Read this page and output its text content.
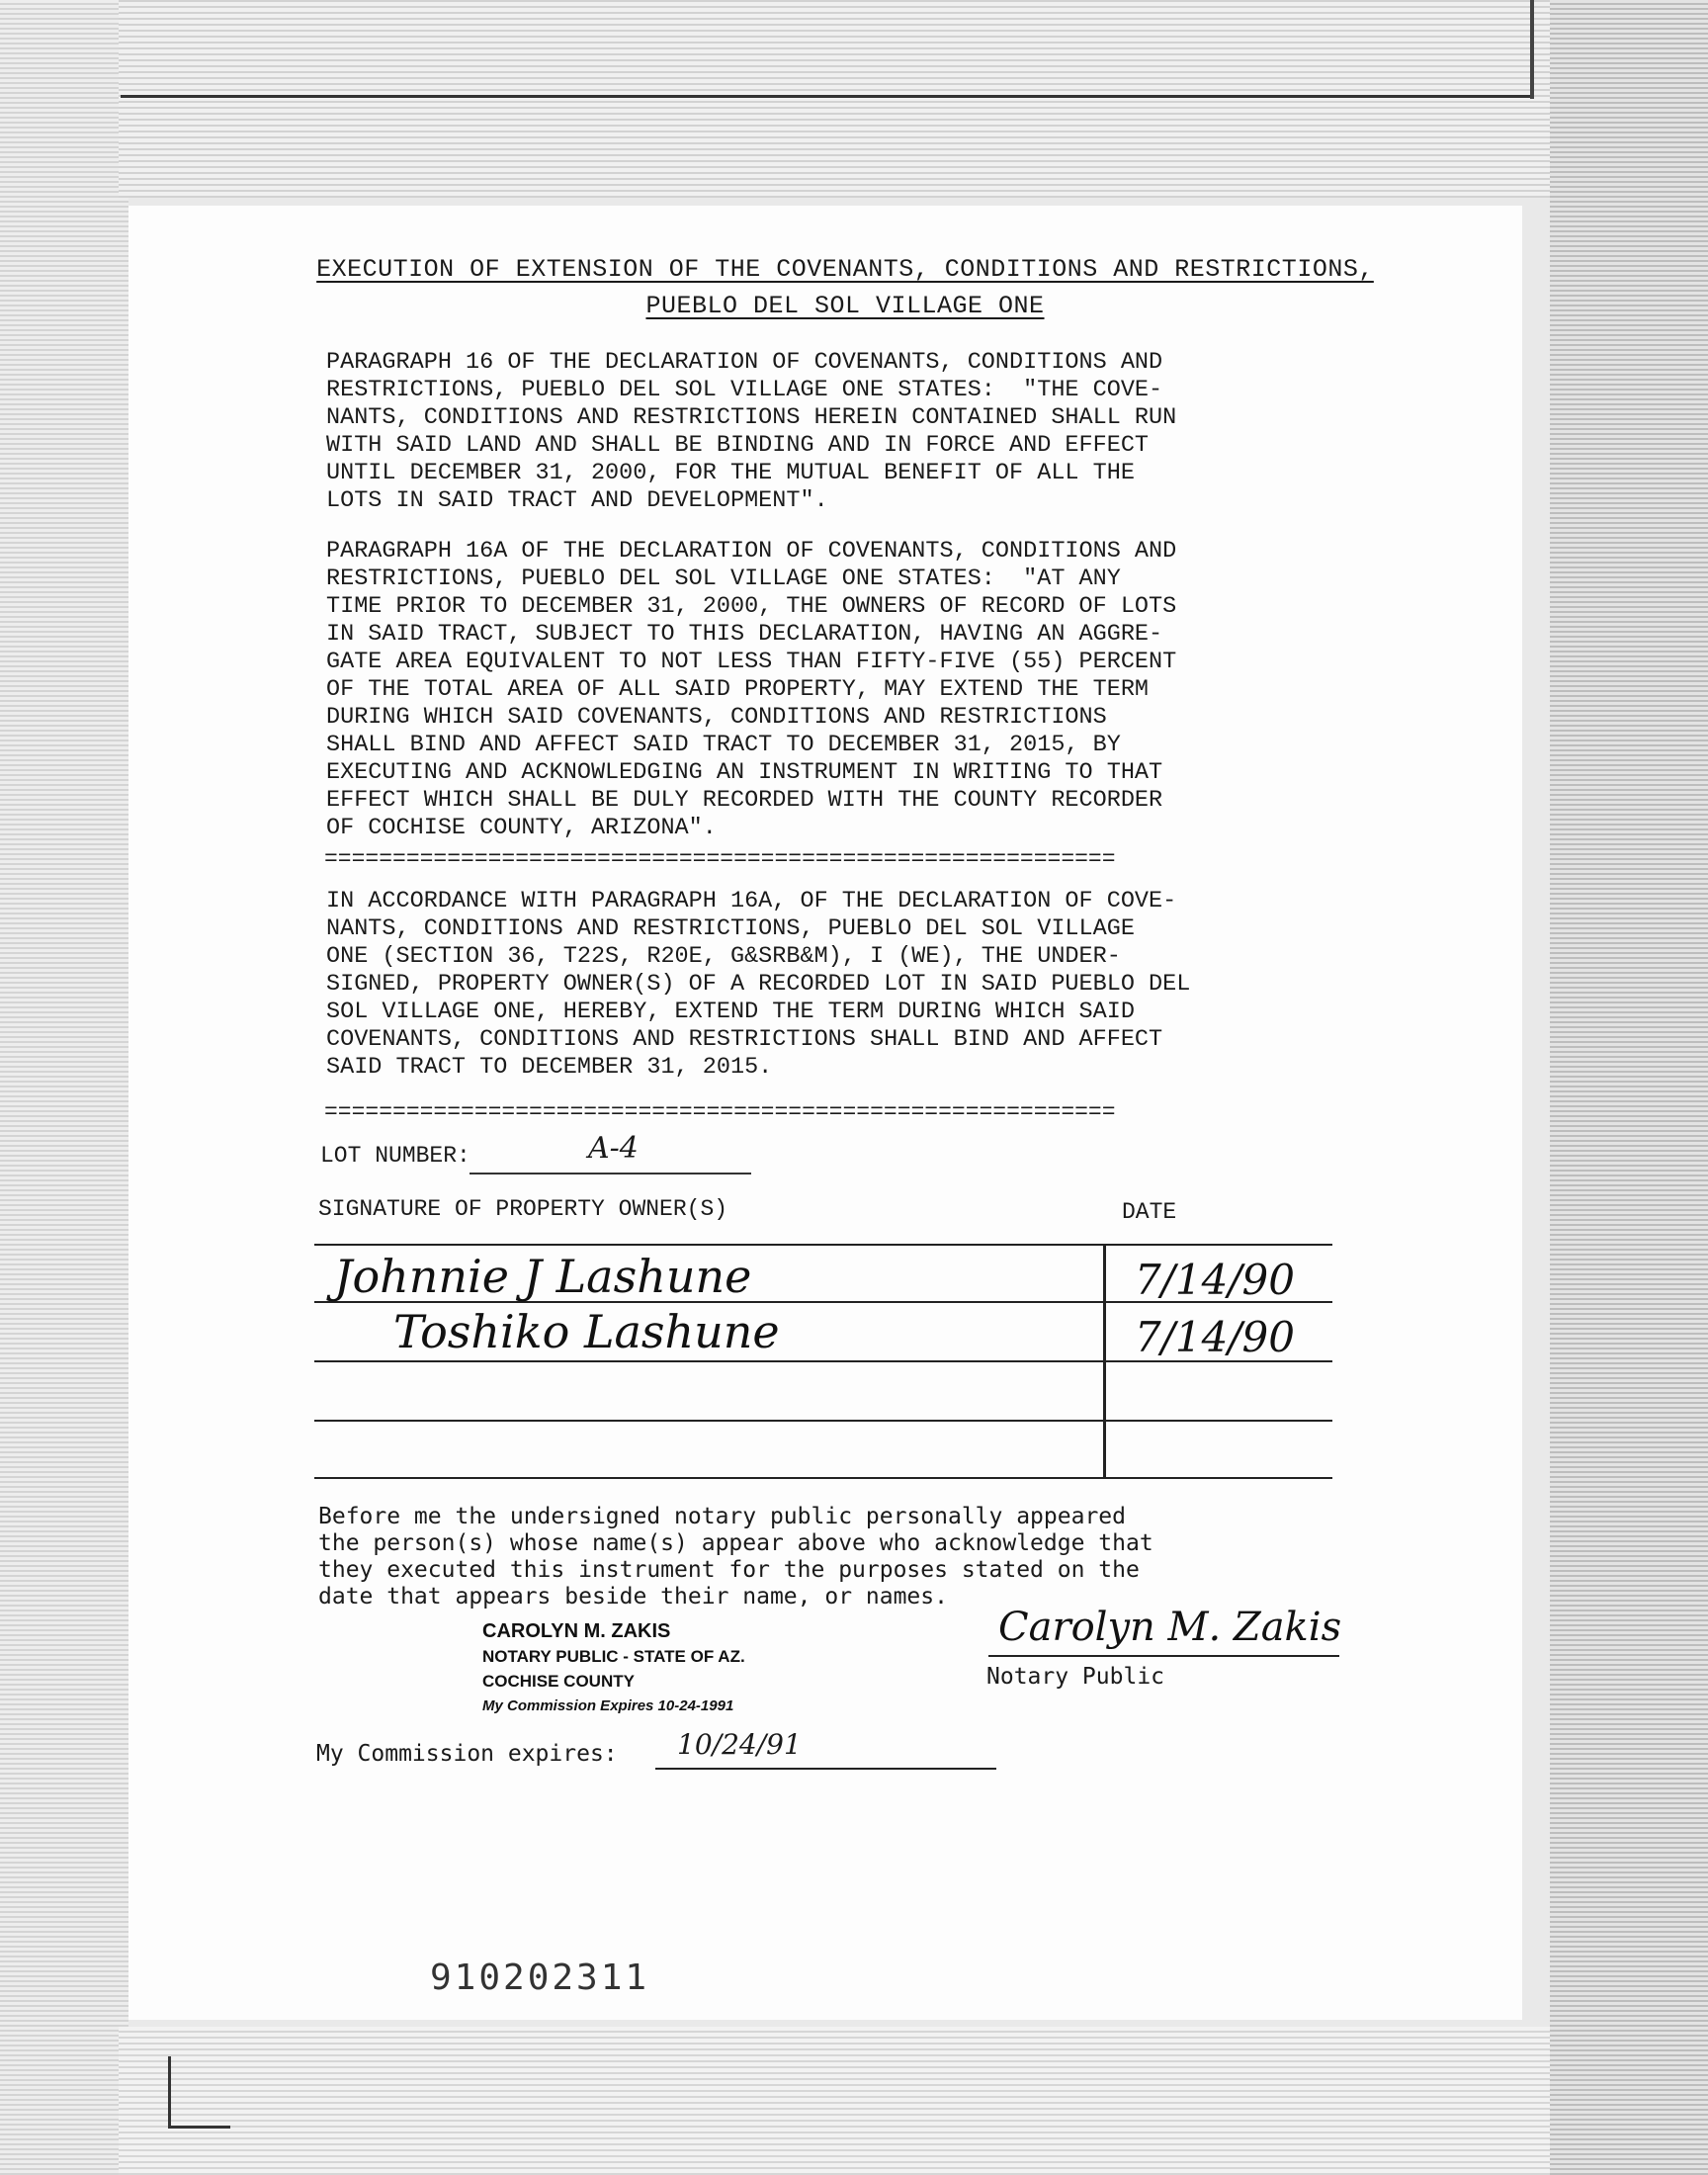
EXECUTION OF EXTENSION OF THE COVENANTS, CONDITIONS AND RESTRICTIONS,
PUEBLO DEL SOL VILLAGE ONE
PARAGRAPH 16 OF THE DECLARATION OF COVENANTS, CONDITIONS AND
RESTRICTIONS, PUEBLO DEL SOL VILLAGE ONE STATES:  "THE COVE-
NANTS, CONDITIONS AND RESTRICTIONS HEREIN CONTAINED SHALL RUN
WITH SAID LAND AND SHALL BE BINDING AND IN FORCE AND EFFECT
UNTIL DECEMBER 31, 2000, FOR THE MUTUAL BENEFIT OF ALL THE
LOTS IN SAID TRACT AND DEVELOPMENT".
PARAGRAPH 16A OF THE DECLARATION OF COVENANTS, CONDITIONS AND
RESTRICTIONS, PUEBLO DEL SOL VILLAGE ONE STATES:  "AT ANY
TIME PRIOR TO DECEMBER 31, 2000, THE OWNERS OF RECORD OF LOTS
IN SAID TRACT, SUBJECT TO THIS DECLARATION, HAVING AN AGGRE-
GATE AREA EQUIVALENT TO NOT LESS THAN FIFTY-FIVE (55) PERCENT
OF THE TOTAL AREA OF ALL SAID PROPERTY, MAY EXTEND THE TERM
DURING WHICH SAID COVENANTS, CONDITIONS AND RESTRICTIONS
SHALL BIND AND AFFECT SAID TRACT TO DECEMBER 31, 2015, BY
EXECUTING AND ACKNOWLEDGING AN INSTRUMENT IN WRITING TO THAT
EFFECT WHICH SHALL BE DULY RECORDED WITH THE COUNTY RECORDER
OF COCHISE COUNTY, ARIZONA".
==========================================================
IN ACCORDANCE WITH PARAGRAPH 16A, OF THE DECLARATION OF COVE-
NANTS, CONDITIONS AND RESTRICTIONS, PUEBLO DEL SOL VILLAGE
ONE (SECTION 36, T22S, R20E, G&SRB&M), I (WE), THE UNDER-
SIGNED, PROPERTY OWNER(S) OF A RECORDED LOT IN SAID PUEBLO DEL
SOL VILLAGE ONE, HEREBY, EXTEND THE TERM DURING WHICH SAID
COVENANTS, CONDITIONS AND RESTRICTIONS SHALL BIND AND AFFECT
SAID TRACT TO DECEMBER 31, 2015.
==========================================================
LOT NUMBER:	A-4
SIGNATURE OF PROPERTY OWNER(S)	DATE
Johnnie J Lashune
Toshiko Lashune
7/14/90
7/14/90
Before me the undersigned notary public personally appeared
the person(s) whose name(s) appear above who acknowledge that
they executed this instrument for the purposes stated on the
date that appears beside their name, or names.
CAROLYN M. ZAKIS
NOTARY PUBLIC - STATE OF AZ.
COCHISE COUNTY
My Commission Expires 10-24-1991
Carolyn M. Zakis
Notary Public
My Commission expires: 10/24/91
910202311
